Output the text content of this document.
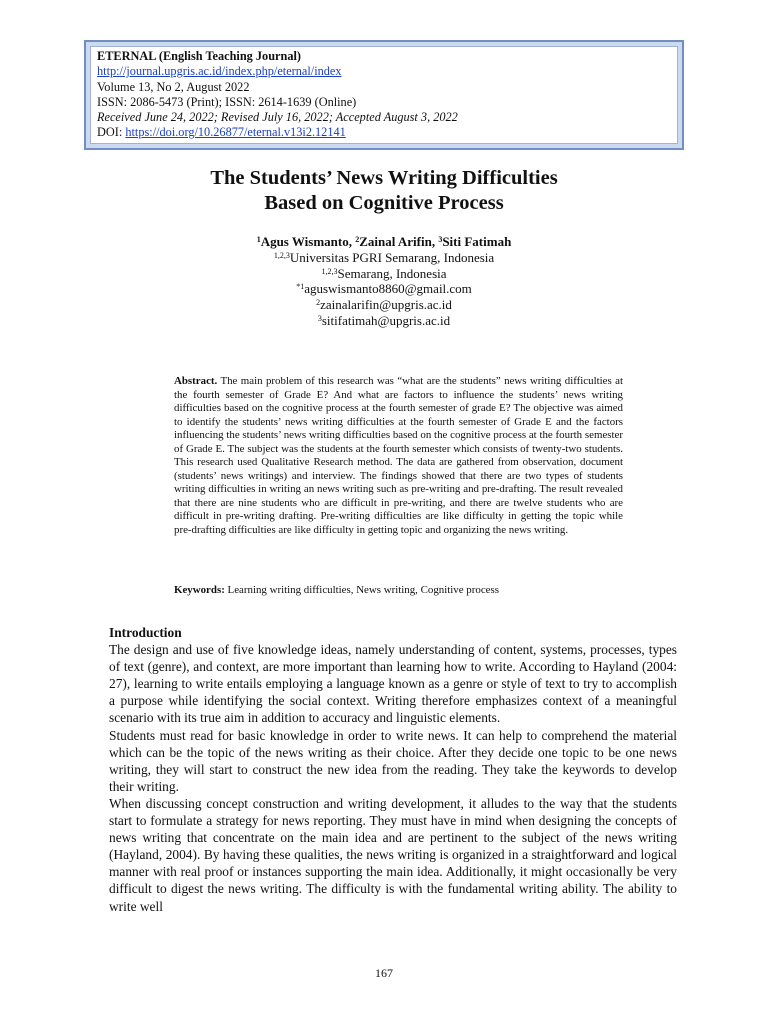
ETERNAL (English Teaching Journal)
http://journal.upgris.ac.id/index.php/eternal/index
Volume 13, No 2, August 2022
ISSN: 2086-5473 (Print); ISSN: 2614-1639 (Online)
Received June 24, 2022; Revised July 16, 2022; Accepted August 3, 2022
DOI: https://doi.org/10.26877/eternal.v13i2.12141
The Students’ News Writing Difficulties
Based on Cognitive Process
$^1$Agus Wismanto, $^2$Zainal Arifin, $^3$Siti Fatimah
$^{1,2,3}$Universitas PGRI Semarang, Indonesia
$^{1,2,3}$Semarang, Indonesia
$^{*1}$aguswismanto8860@gmail.com
$^2$zainalarifin@upgris.ac.id
$^3$sitifatimah@upgris.ac.id
Abstract. The main problem of this research was “what are the students” news writing difficulties at the fourth semester of Grade E? And what are factors to influence the students’ news writing difficulties based on the cognitive process at the fourth semester of grade E? The objective was aimed to identify the students’ news writing difficulties at the fourth semester of Grade E and the factors influencing the students’ news writing difficulties based on the cognitive process at the fourth semester of Grade E. The subject was the students at the fourth semester which consists of twenty-two students. This research used Qualitative Research method. The data are gathered from observation, document (students’ news writings) and interview. The findings showed that there are two types of students writing difficulties in writing an news writing such as pre-writing and pre-drafting. The result revealed that there are nine students who are difficult in pre-writing, and there are twelve students who are difficult in pre-writing drafting. Pre-writing difficulties are like difficulty in getting the topic while pre-drafting difficulties are like difficulty in getting topic and organizing the news writing.
Keywords: Learning writing difficulties, News writing, Cognitive process
Introduction

The design and use of five knowledge ideas, namely understanding of content, systems, processes, types of text (genre), and context, are more important than learning how to write. According to Hayland (2004: 27), learning to write entails employing a language known as a genre or style of text to try to accomplish a purpose while identifying the social context. Writing therefore emphasizes context of a meaningful scenario with its true aim in addition to accuracy and linguistic elements.

Students must read for basic knowledge in order to write news. It can help to comprehend the material which can be the topic of the news writing as their choice. After they decide one topic to be one news writing, they will start to construct the new idea from the reading. They take the keywords to develop their writing.

When discussing concept construction and writing development, it alludes to the way that the students start to formulate a strategy for news reporting. They must have in mind when designing the concepts of news writing that concentrate on the main idea and are pertinent to the subject of the news writing (Hayland, 2004). By having these qualities, the news writing is organized in a straightforward and logical manner with real proof or instances supporting the main idea. Additionally, it might occasionally be very difficult to digest the news writing. The difficulty is with the fundamental writing ability. The ability to write well

167
